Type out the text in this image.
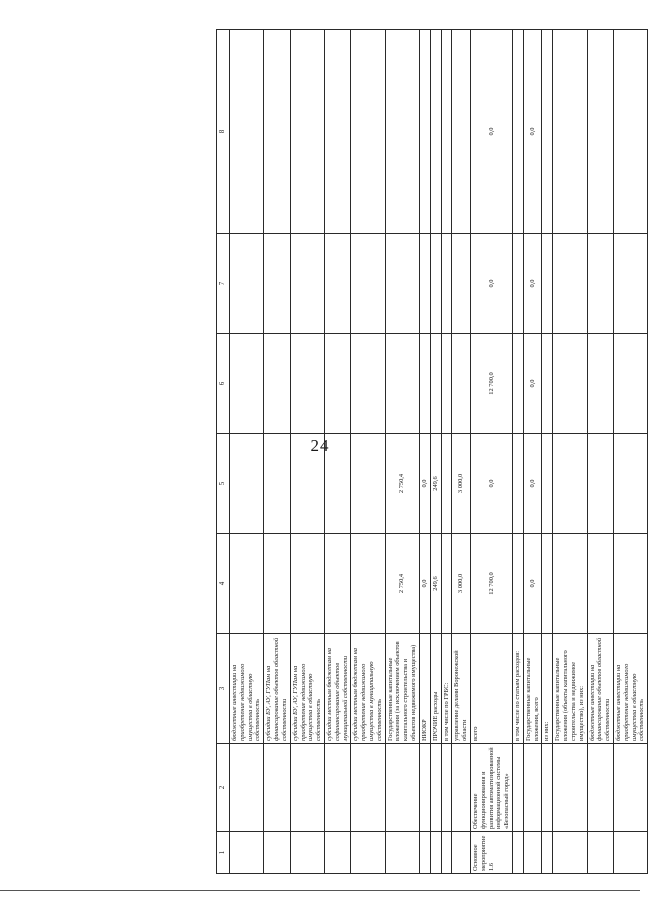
24
1	2	3	4	5	6	7	8
		бюджетные инвестиции на приобретение недвижимого имущества в областную собственность					
		субсидии БУ, АУ, ГУПам на финансирование объектов областной собственности					
		субсидии БУ, АУ, ГУПам на приобретение недвижимого имущества в областную собственность					
		субсидии местным бюджетам на софинансирование объектов муниципальной собственности					
		субсидии местным бюджетам на приобретение недвижимого имущества в муниципальную собственность					
		Государственные капитальные вложения (за исключением объектов капитального строительства и объектов недвижимого имущества)	2 750,4	2 750,4			
		НИОКР	0,0	0,0			
		ПРОЧИЕ расходы	249,6	249,6			
		в том числе по ГРБС:					
		управление делами Воронежской области	3 000,0	3 000,0			
Основное мероприятие 1.6	Обеспечение функционирования и развития автоматизированной информационной системы «Безопасный город»	всего	12 700,0	0,0	12 700,0	0,0	0,0
		в том числе по статьям расходов:					
		Государственные капитальные вложения, всего	0,0	0,0	0,0	0,0	0,0
		из них:					
		Государственные капитальные вложения (объекты капитального строительства и недвижимое имущество), из них:					
		бюджетные инвестиции на финансирование объектов областной собственности					
		бюджетные инвестиции на приобретение недвижимого имущества в областную собственность					
